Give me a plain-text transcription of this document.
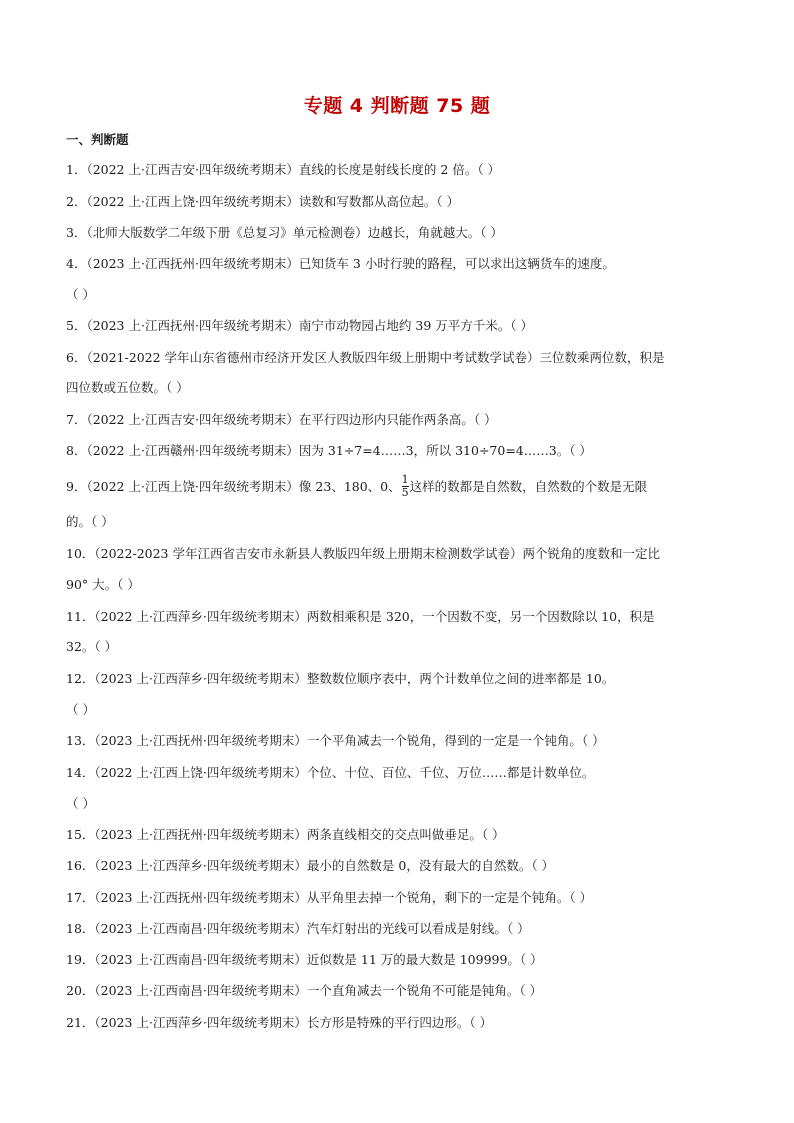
专题 4 判断题 75 题
一、判断题
1．（2022 上·江西吉安·四年级统考期末）直线的长度是射线长度的 2 倍。（ ）
2．（2022 上·江西上饶·四年级统考期末）读数和写数都从高位起。（ ）
3．（北师大版数学二年级下册《总复习》单元检测卷）边越长，角就越大。（ ）
4．（2023 上·江西抚州·四年级统考期末）已知货车 3 小时行驶的路程，可以求出这辆货车的速度。
（ ）
5．（2023 上·江西抚州·四年级统考期末）南宁市动物园占地约 39 万平方千米。（ ）
6．（2021-2022 学年山东省德州市经济开发区人教版四年级上册期中考试数学试卷）三位数乘两位数，积是
四位数或五位数。（ ）
7．（2022 上·江西吉安·四年级统考期末）在平行四边形内只能作两条高。（ ）
8．（2022 上·江西赣州·四年级统考期末）因为 31÷7=4……3，所以 310÷70=4……3。（ ）
9．（2022 上·江西上饶·四年级统考期末）像 23、180、0、 $\frac{1}{5}$ 这样的数都是自然数，自然数的个数是无限
的。（ ）
10．（2022-2023 学年江西省吉安市永新县人教版四年级上册期末检测数学试卷）两个锐角的度数和一定比
90° 大。（ ）
11．（2022 上·江西萍乡·四年级统考期末）两数相乘积是 320，一个因数不变，另一个因数除以 10，积是
32。（ ）
12．（2023 上·江西萍乡·四年级统考期末）整数数位顺序表中，两个计数单位之间的进率都是 10。
（ ）
13．（2023 上·江西抚州·四年级统考期末）一个平角减去一个锐角，得到的一定是一个钝角。（ ）
14．（2022 上·江西上饶·四年级统考期末）个位、十位、百位、千位、万位……都是计数单位。
（ ）
15．（2023 上·江西抚州·四年级统考期末）两条直线相交的交点叫做垂足。（ ）
16．（2023 上·江西萍乡·四年级统考期末）最小的自然数是 0，没有最大的自然数。（ ）
17．（2023 上·江西抚州·四年级统考期末）从平角里去掉一个锐角，剩下的一定是个钝角。（ ）
18．（2023 上·江西南昌·四年级统考期末）汽车灯射出的光线可以看成是射线。（ ）
19．（2023 上·江西南昌·四年级统考期末）近似数是 11 万的最大数是 109999。（ ）
20．（2023 上·江西南昌·四年级统考期末）一个直角减去一个锐角不可能是钝角。（ ）
21．（2023 上·江西萍乡·四年级统考期末）长方形是特殊的平行四边形。（ ）
